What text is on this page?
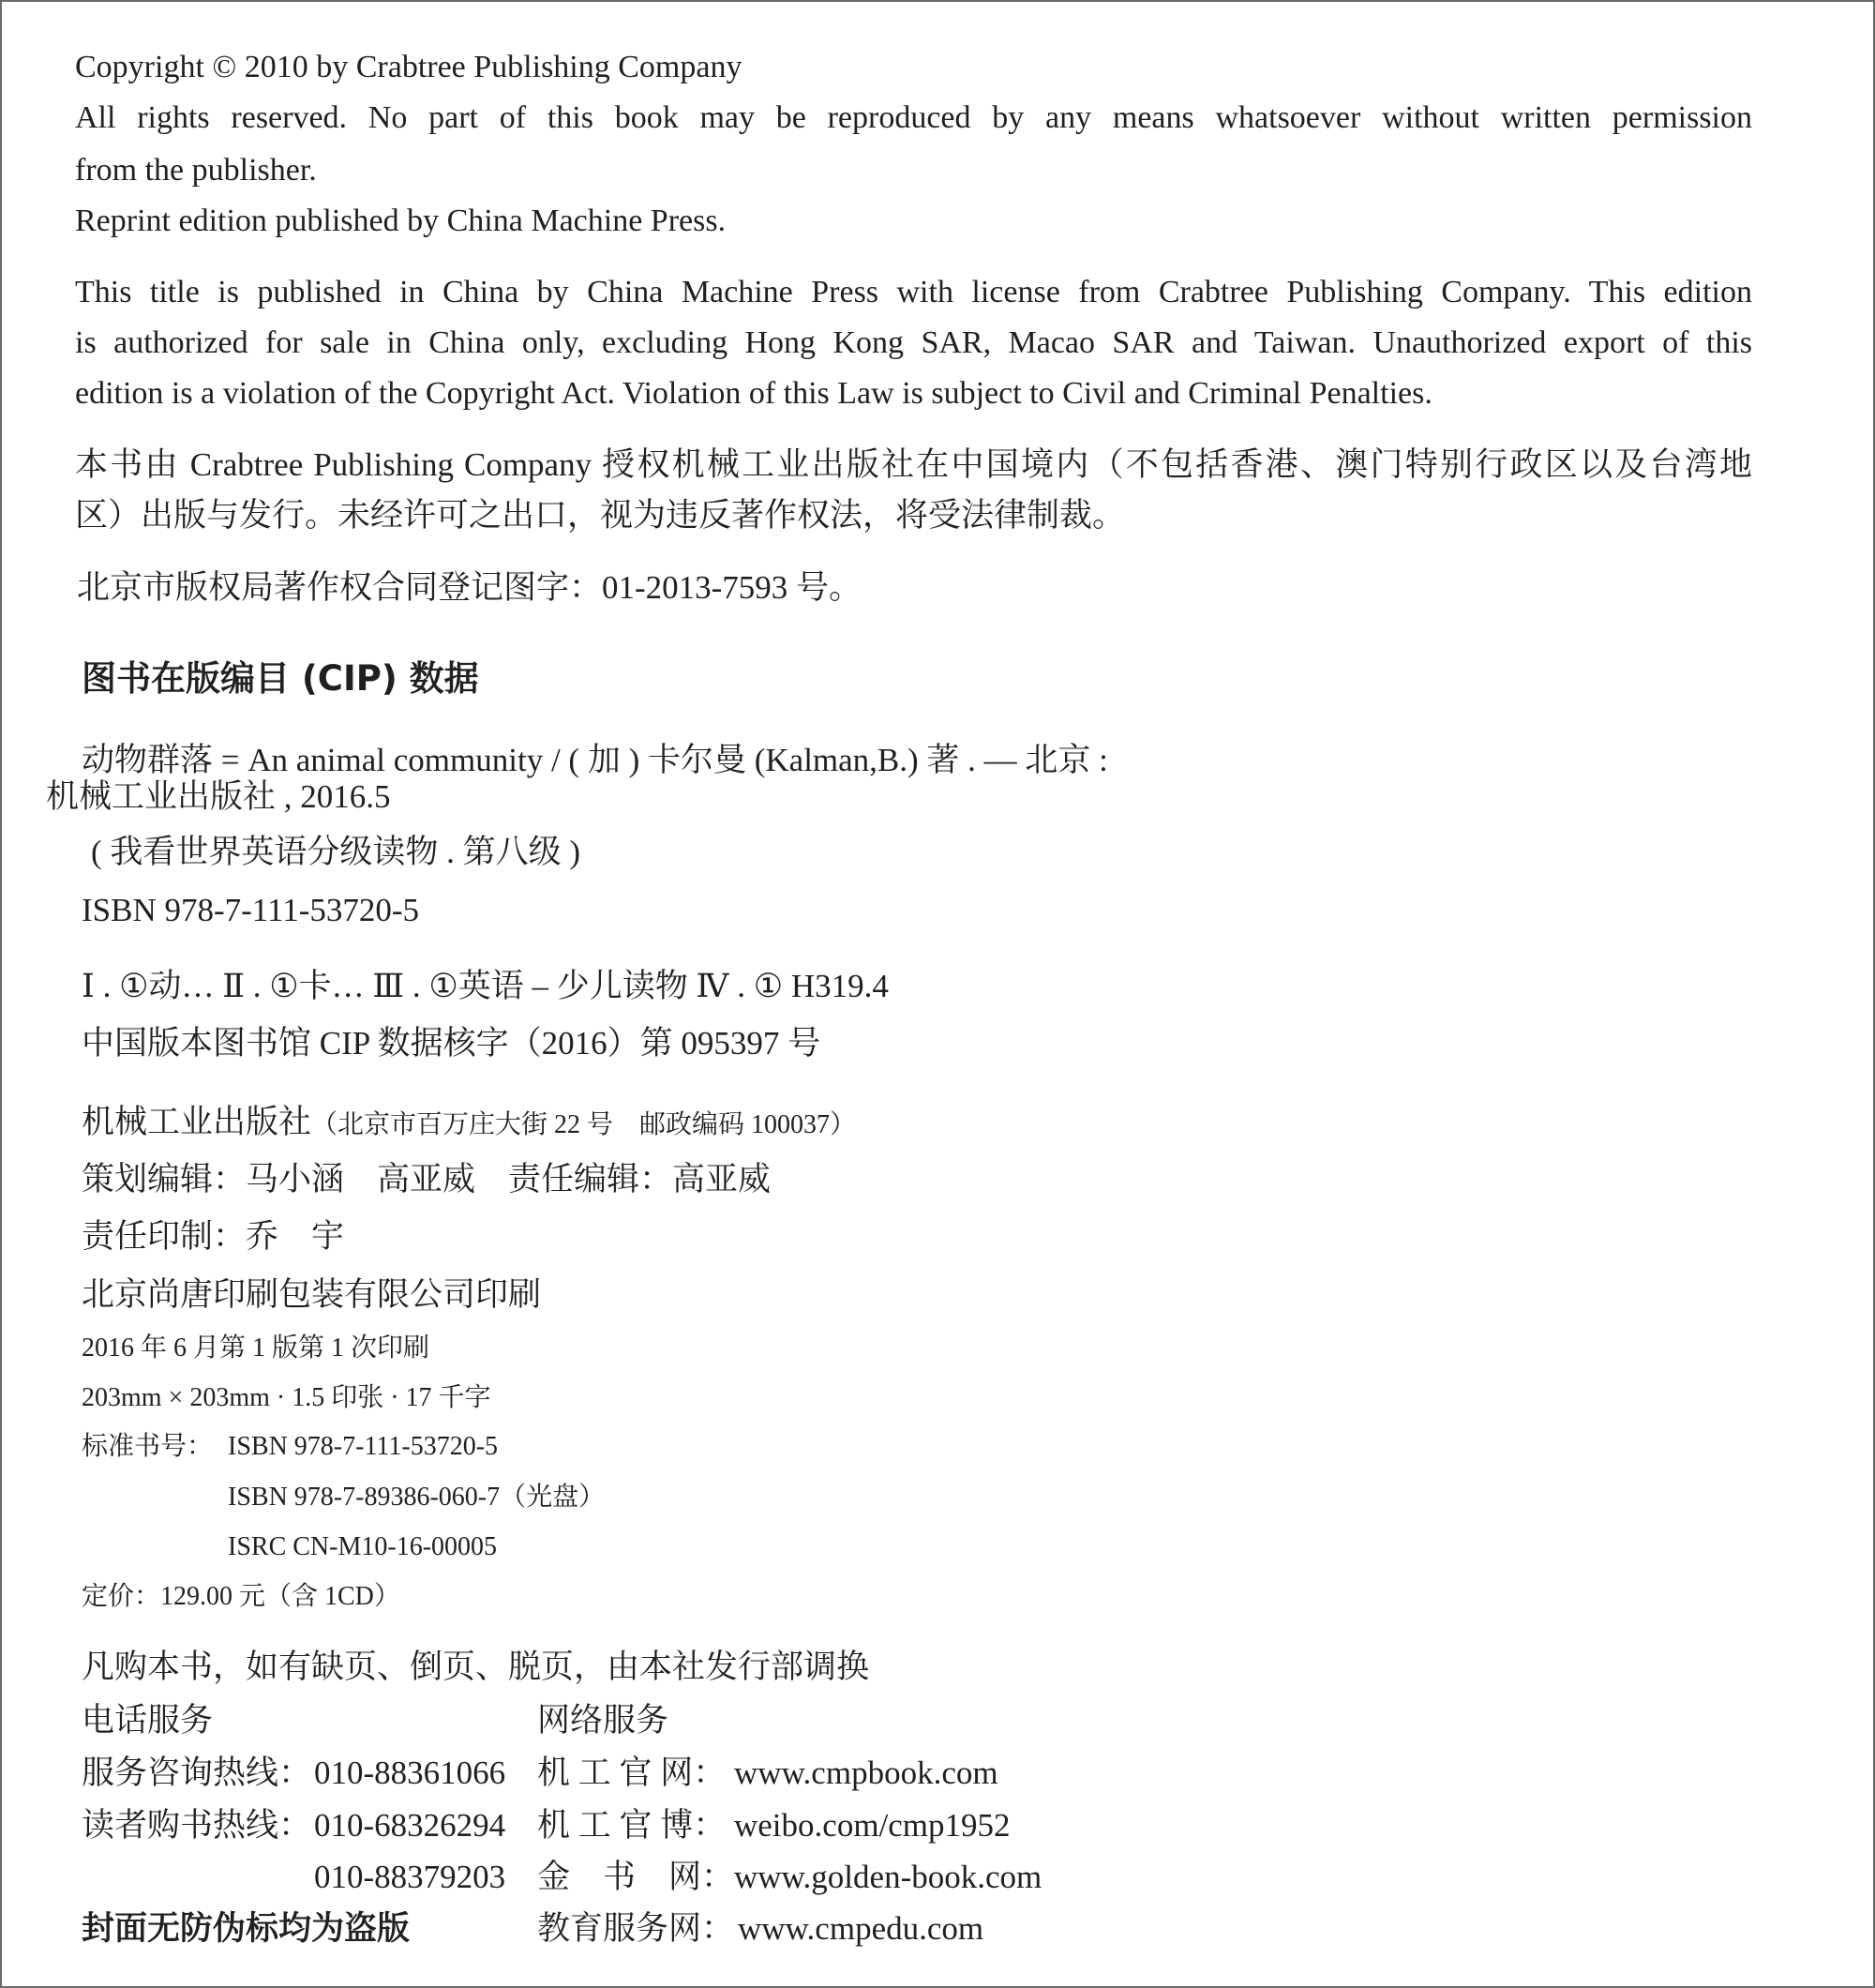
Copyright © 2010 by Crabtree Publishing Company
All rights reserved. No part of this book may be reproduced by any means whatsoever without written permission
from the publisher.
Reprint edition published by China Machine Press.
This title is published in China by China Machine Press with license from Crabtree Publishing Company. This edition
is authorized for sale in China only, excluding Hong Kong SAR, Macao SAR and Taiwan. Unauthorized export of this
edition is a violation of the Copyright Act. Violation of this Law is subject to Civil and Criminal Penalties.
本书由 Crabtree Publishing Company 授权机械工业出版社在中国境内（不包括香港、澳门特别行政区以及台湾地
区）出版与发行。未经许可之出口，视为违反著作权法，将受法律制裁。
北京市版权局著作权合同登记图字：01-2013-7593 号。
图书在版编目 (CIP) 数据
动物群落 = An animal community / ( 加 ) 卡尔曼 (Kalman,B.) 著 . — 北京 :
机械工业出版社 , 2016.5
( 我看世界英语分级读物 . 第八级 )
ISBN 978-7-111-53720-5
Ⅰ . ①动… Ⅱ . ①卡… Ⅲ . ①英语 – 少儿读物 Ⅳ . ① H319.4
中国版本图书馆 CIP 数据核字（2016）第 095397 号
机械工业出版社（北京市百万庄大街 22 号　邮政编码 100037）
策划编辑：马小涵　高亚威　责任编辑：高亚威
责任印制：乔　宇
北京尚唐印刷包装有限公司印刷
2016 年 6 月第 1 版第 1 次印刷
203mm × 203mm · 1.5 印张 · 17 千字
标准书号： ISBN 978-7-111-53720-5
ISBN 978-7-89386-060-7（光盘）
ISRC CN-M10-16-00005
定价：129.00 元（含 1CD）
凡购本书，如有缺页、倒页、脱页，由本社发行部调换
电话服务	网络服务
服务咨询热线： 010-88361066 机 工 官 网： www.cmpbook.com
读者购书热线： 010-68326294 机 工 官 博： weibo.com/cmp1952
010-88379203 金　书　网： www.golden-book.com
封面无防伪标均为盗版	教育服务网： www.cmpedu.com
